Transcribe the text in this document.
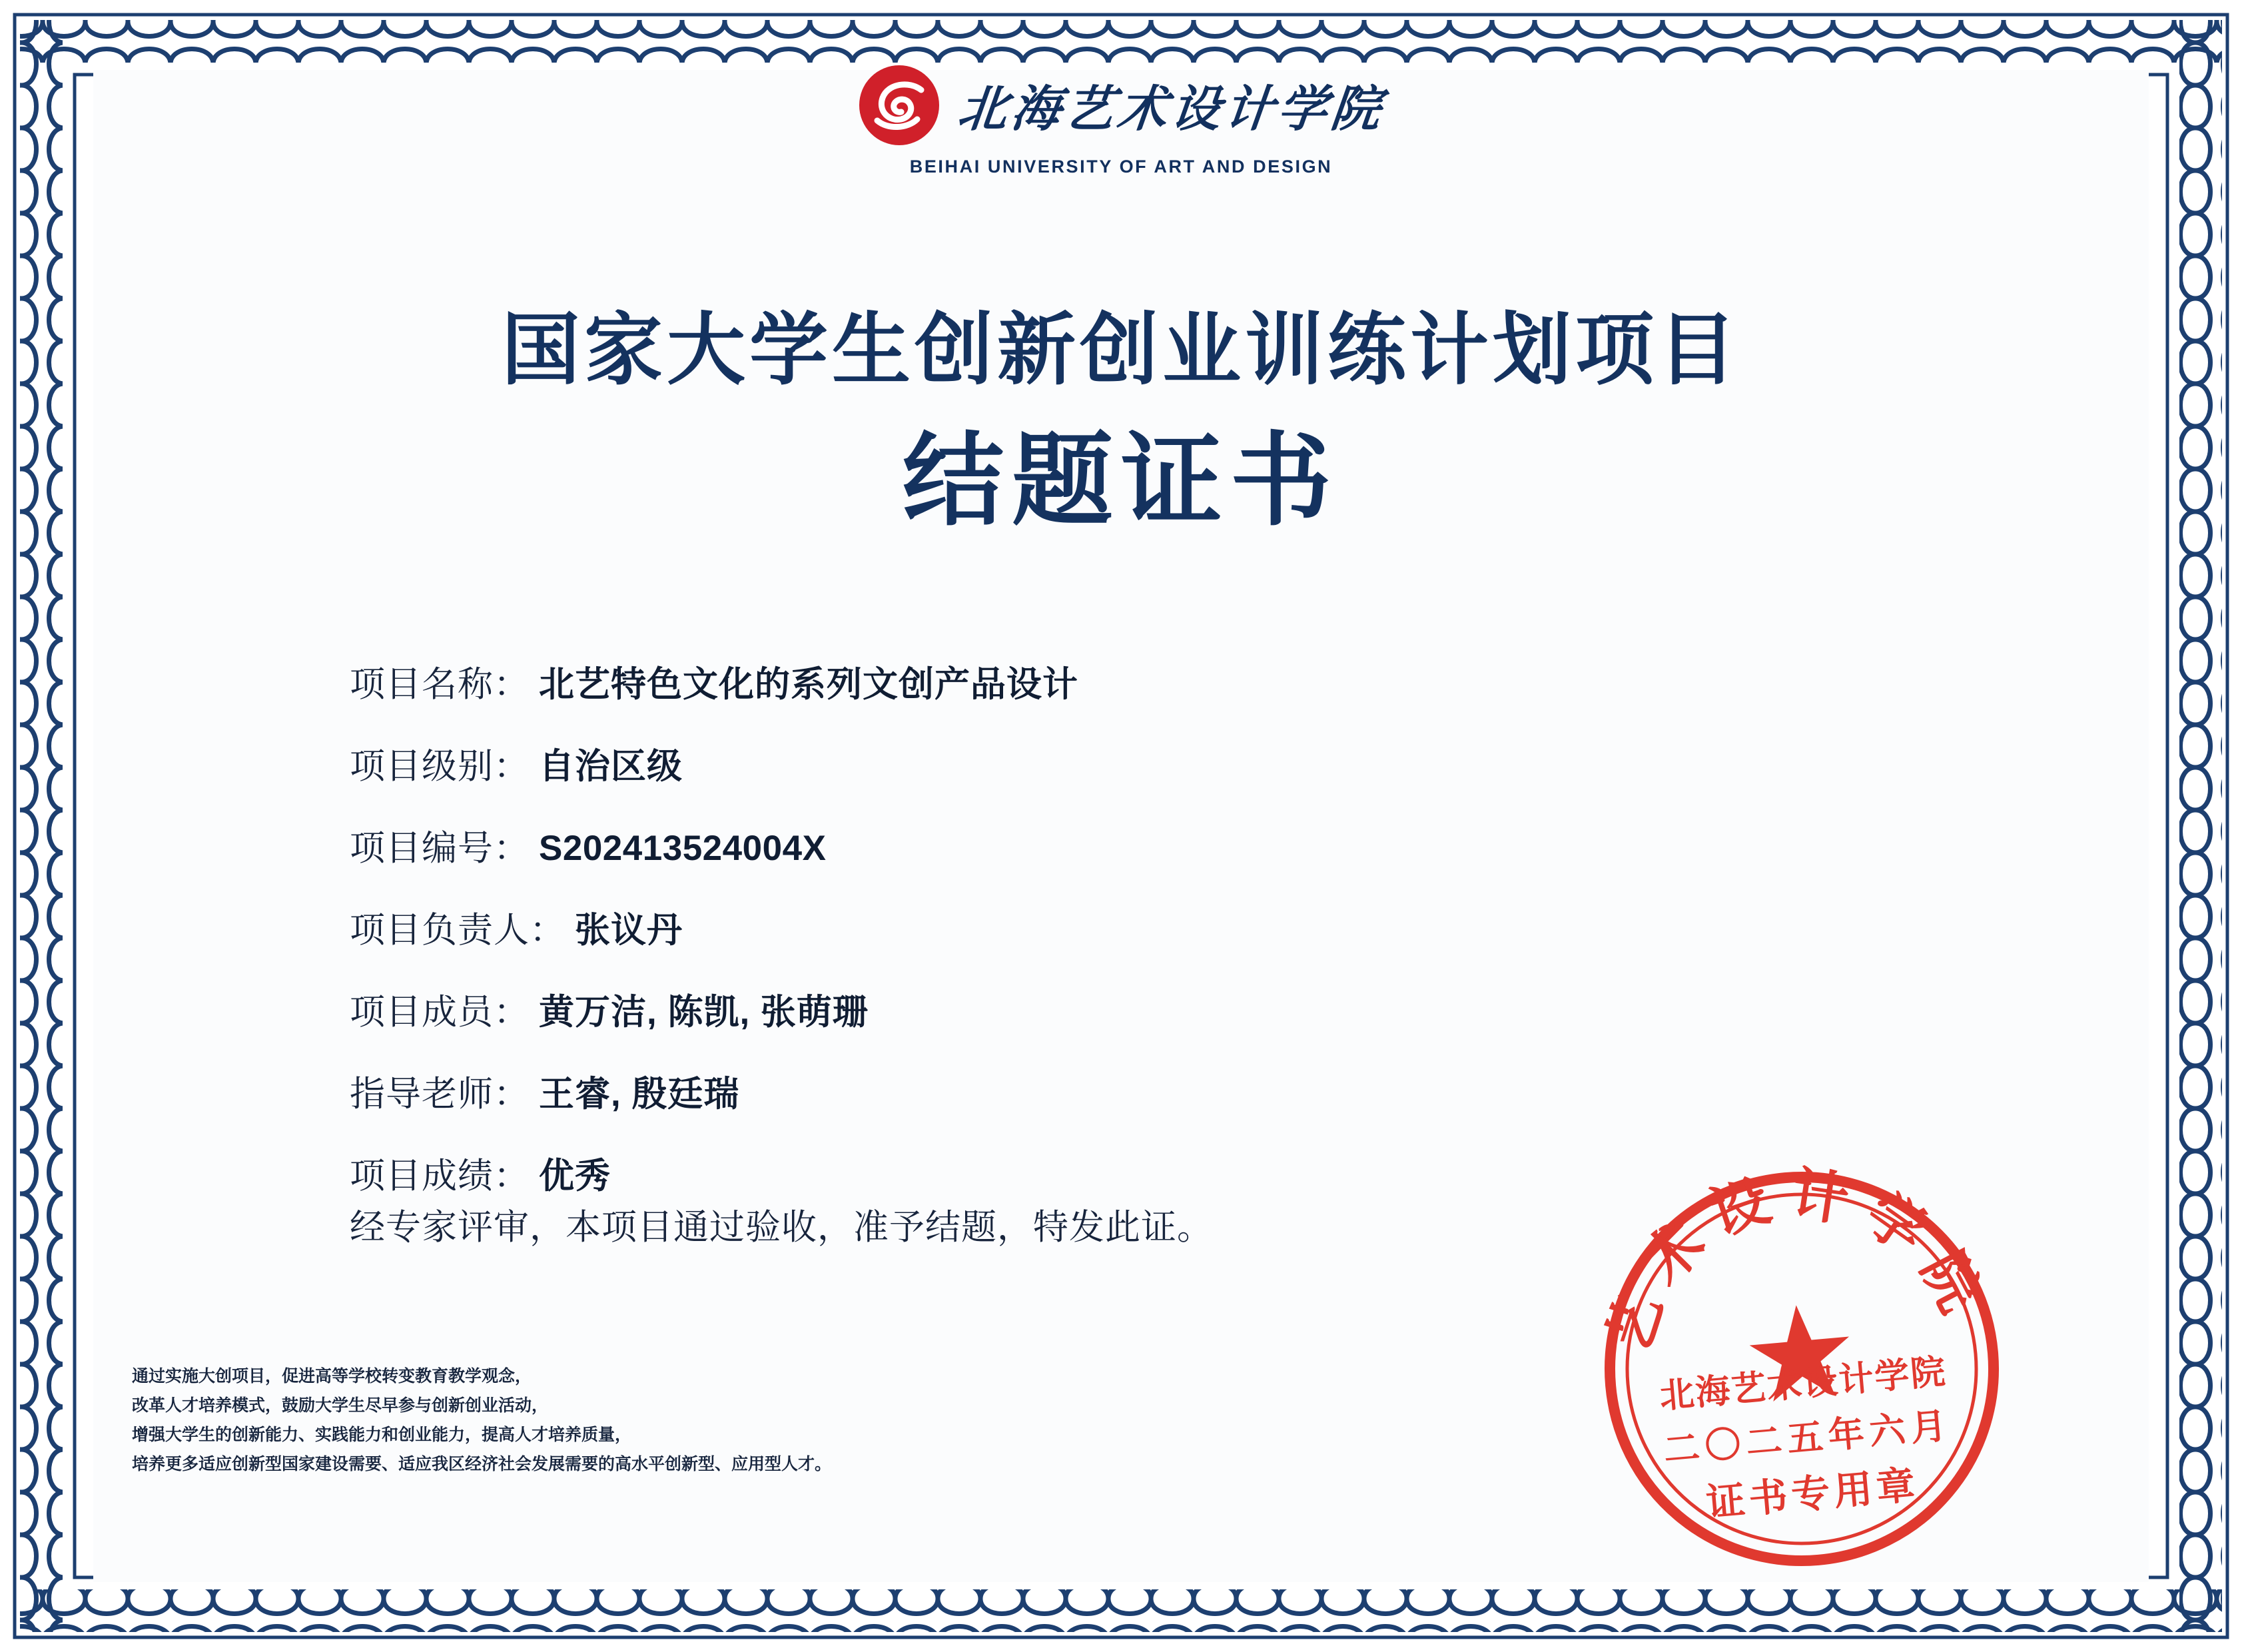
北海艺术设计学院
BEIHAI UNIVERSITY OF ART AND DESIGN
国家大学生创新创业训练计划项目
结题证书
项目名称： 北艺特色文化的系列文创产品设计
项目级别： 自治区级
项目编号： S202413524004X
项目负责人： 张议丹
项目成员： 黄万洁, 陈凯, 张萌珊
指导老师： 王睿, 殷廷瑞
项目成绩： 优秀
经专家评审，本项目通过验收，准予结题，特发此证。
通过实施大创项目，促进高等学校转变教育教学观念，
改革人才培养模式，鼓励大学生尽早参与创新创业活动，
增强大学生的创新能力、实践能力和创业能力，提高人才培养质量，
培养更多适应创新型国家建设需要、适应我区经济社会发展需要的高水平创新型、应用型人才。
艺术设计学院
北海艺术设计学院
二〇二五年六月
证书专用章
